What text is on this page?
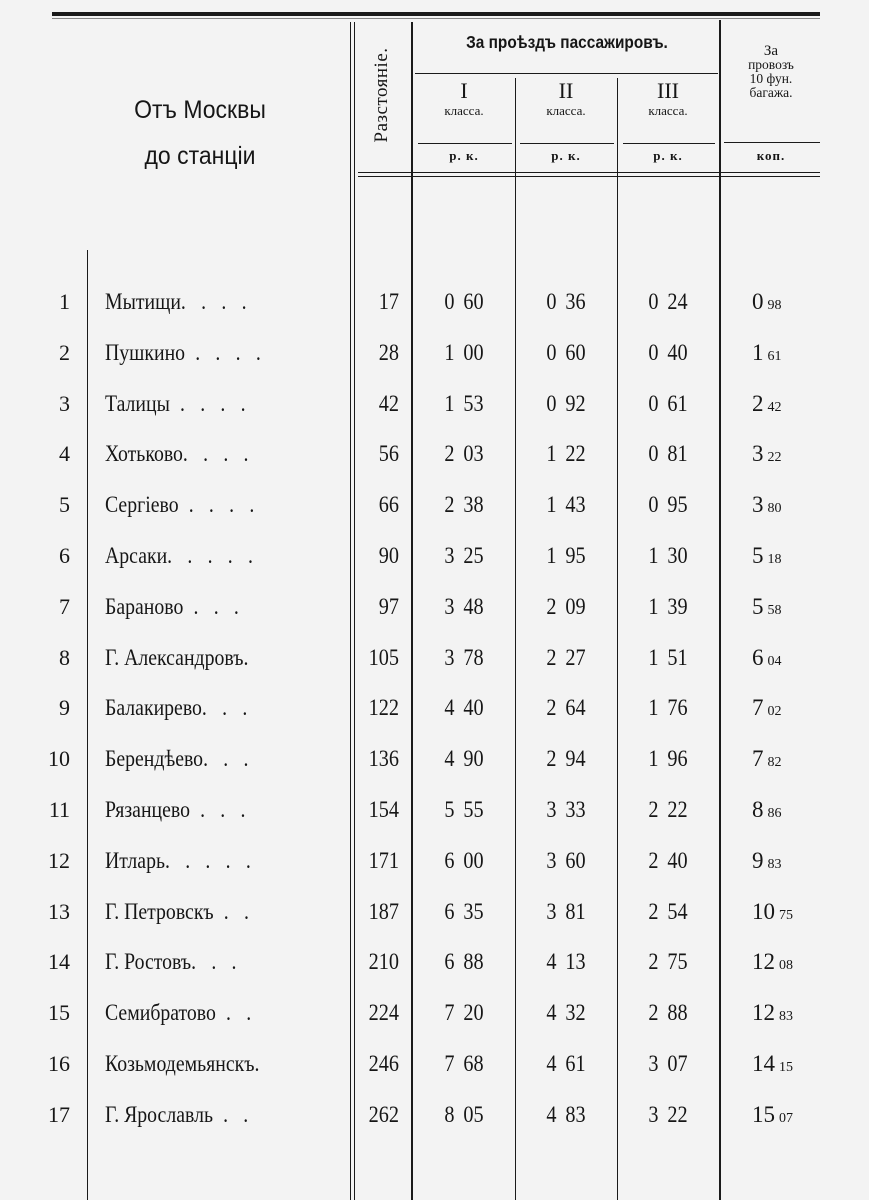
Отъ Москвы
до станціи
Разстояніе.
За проѣздъ пассажировъ.
I
класса.
II
класса.
III
класса.
р. к.	р. к.	р. к.
За
провозъ
10 фун.
багажа.
коп.
1 Мытищи. . . .	17	0 60	0 36	0 24	0 98
2 Пушкино . . . .	28	1 00	0 60	0 40	1 61
3 Талицы . . . .	42	1 53	0 92	0 61	2 42
4 Хотьково. . . .	56	2 03	1 22	0 81	3 22
5 Сергіево . . . .	66	2 38	1 43	0 95	3 80
6 Арсаки. . . . .	90	3 25	1 95	1 30	5 18
7 Бараново . . .	97	3 48	2 09	1 39	5 58
8 Г. Александровъ.	105	3 78	2 27	1 51	6 04
9 Балакирево. . .	122	4 40	2 64	1 76	7 02
10 Берендѣево. . .	136	4 90	2 94	1 96	7 82
11 Рязанцево . . .	154	5 55	3 33	2 22	8 86
12 Итларь. . . . .	171	6 00	3 60	2 40	9 83
13 Г. Петровскъ . .	187	6 35	3 81	2 54	10 75
14 Г. Ростовъ. . .	210	6 88	4 13	2 75	12 08
15 Семибратово . .	224	7 20	4 32	2 88	12 83
16 Козьмодемьянскъ.	246	7 68	4 61	3 07	14 15
17 Г. Ярославль . .	262	8 05	4 83	3 22	15 07
